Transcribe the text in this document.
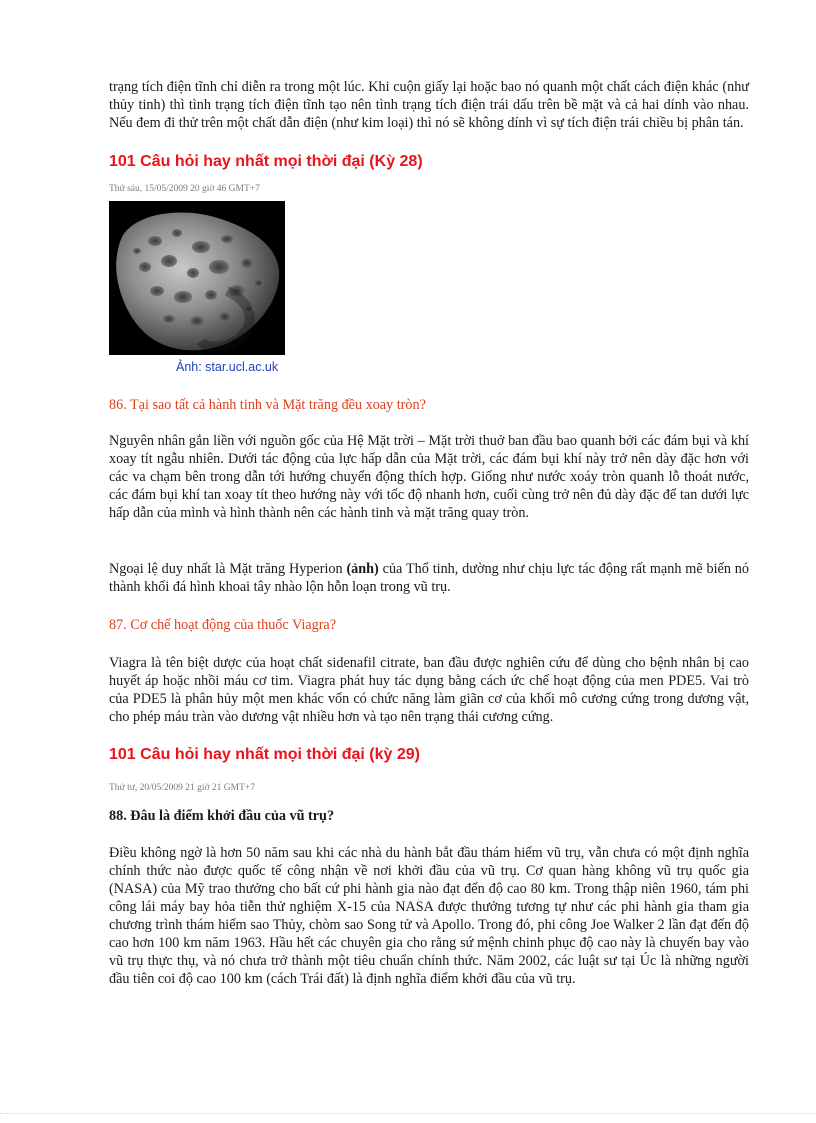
trạng tích điện tĩnh chỉ diễn ra trong một lúc. Khi cuộn giấy lại hoặc bao nó quanh một chất cách điện khác (như thủy tinh) thì tình trạng tích điện tĩnh tạo nên tình trạng tích điện trái dấu trên bề mặt và cả hai dính vào nhau. Nếu đem đi thử trên một chất dẫn điện (như kim loại) thì nó sẽ không dính vì sự tích điện trái chiều bị phân tán.

101 Câu hỏi hay nhất mọi thời đại (Kỳ 28)
Thứ sáu, 15/05/2009 20 giờ 46 GMT+7
Ảnh: star.ucl.ac.uk
86. Tại sao tất cả hành tinh và Mặt trăng đều xoay tròn?

Nguyên nhân gắn liền với nguồn gốc của Hệ Mặt trời – Mặt trời thuở ban đầu bao quanh bởi các đám bụi và khí xoay tít ngẫu nhiên. Dưới tác động của lực hấp dẫn của Mặt trời, các đám bụi khí này trở nên dày đặc hơn với các va chạm bên trong dẫn tới hướng chuyển động thích hợp. Giống như nước xoáy tròn quanh lỗ thoát nước, các đám bụi khí tan xoay tít theo hướng này với tốc độ nhanh hơn, cuối cùng trở nên đủ dày đặc để tan dưới lực hấp dẫn của mình và hình thành nên các hành tinh và mặt trăng quay tròn.

Ngoại lệ duy nhất là Mặt trăng Hyperion (ảnh) của Thổ tinh, dường như chịu lực tác động rất mạnh mẽ biến nó thành khối đá hình khoai tây nhào lộn hỗn loạn trong vũ trụ.

87. Cơ chế hoạt động của thuốc Viagra?

Viagra là tên biệt dược của hoạt chất sidenafil citrate, ban đầu được nghiên cứu để dùng cho bệnh nhân bị cao huyết áp hoặc nhồi máu cơ tim. Viagra phát huy tác dụng bằng cách ức chế hoạt động của men PDE5. Vai trò của PDE5 là phân hủy một men khác vốn có chức năng làm giãn cơ của khối mô cương cứng trong dương vật, cho phép máu tràn vào dương vật nhiều hơn và tạo nên trạng thái cương cứng.

101 Câu hỏi hay nhất mọi thời đại (kỳ 29)
Thứ tư, 20/05/2009 21 giờ 21 GMT+7
88. Đâu là điểm khởi đầu của vũ trụ?

Điều không ngờ là hơn 50 năm sau khi các nhà du hành bắt đầu thám hiểm vũ trụ, vẫn chưa có một định nghĩa chính thức nào được quốc tế công nhận về nơi khởi đầu của vũ trụ. Cơ quan hàng không vũ trụ quốc gia (NASA) của Mỹ trao thưởng cho bất cứ phi hành gia nào đạt đến độ cao 80 km. Trong thập niên 1960, tám phi công lái máy bay hỏa tiễn thử nghiệm X-15 của NASA được thưởng tương tự như các phi hành gia tham gia chương trình thám hiểm sao Thủy, chòm sao Song tử và Apollo. Trong đó, phi công Joe Walker 2 lần đạt đến độ cao hơn 100 km năm 1963. Hầu hết các chuyên gia cho rằng sứ mệnh chinh phục độ cao này là chuyến bay vào vũ trụ thực thụ, và nó chưa trở thành một tiêu chuẩn chính thức. Năm 2002, các luật sư tại Úc là những người đầu tiên coi độ cao 100 km (cách Trái đất) là định nghĩa điểm khởi đầu của vũ trụ.
